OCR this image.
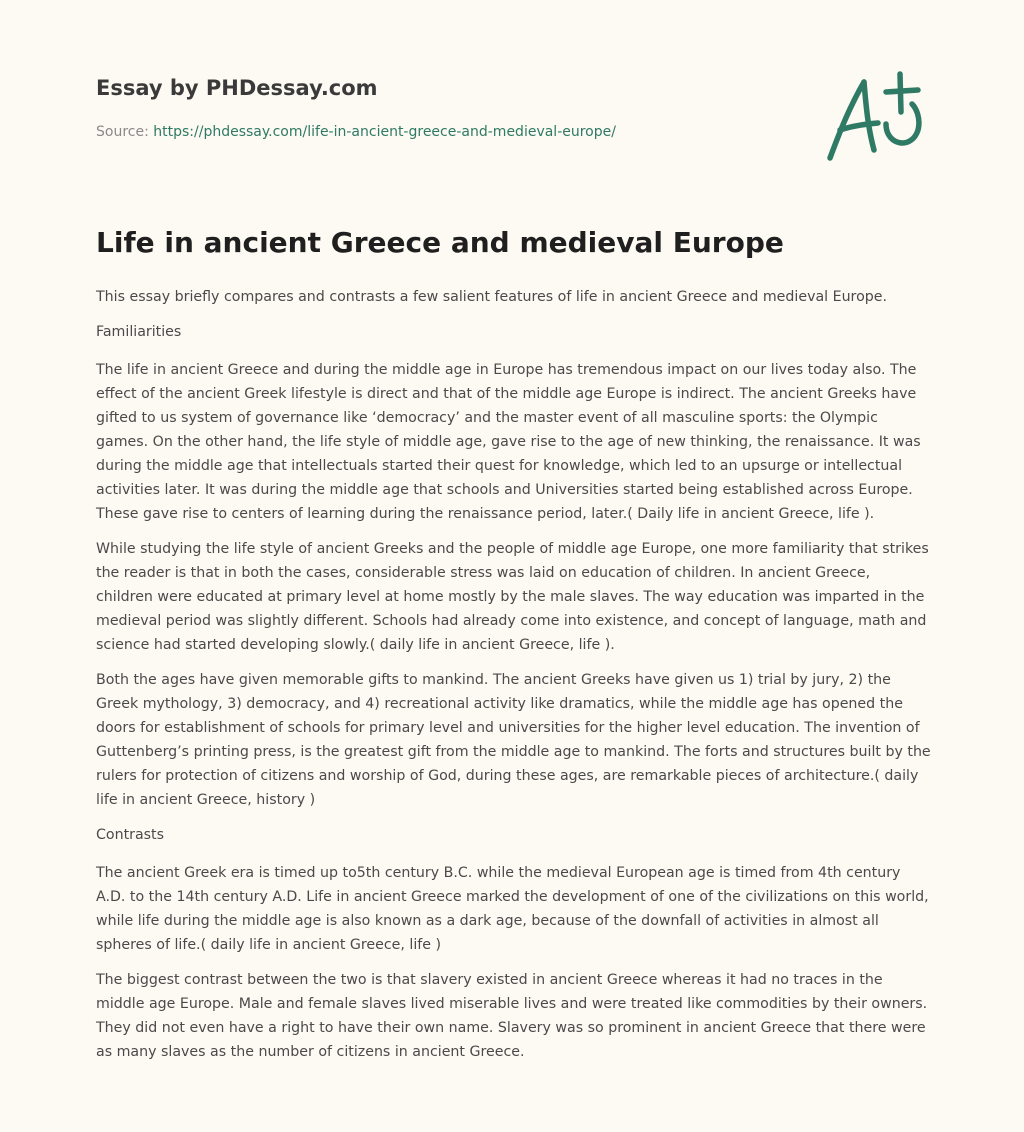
Essay by PHDessay.com
Source: https://phdessay.com/life-in-ancient-greece-and-medieval-europe/
Life in ancient Greece and medieval Europe

This essay briefly compares and contrasts a few salient features of life in ancient Greece and medieval Europe.

Familiarities

The life in ancient Greece and during the middle age in Europe has tremendous impact on our lives today also. The effect of the ancient Greek lifestyle is direct and that of the middle age Europe is indirect. The ancient Greeks have gifted to us system of governance like ‘democracy’ and the master event of all masculine sports: the Olympic games. On the other hand, the life style of middle age, gave rise to the age of new thinking, the renaissance. It was during the middle age that intellectuals started their quest for knowledge, which led to an upsurge or intellectual activities later. It was during the middle age that schools and Universities started being established across Europe. These gave rise to centers of learning during the renaissance period, later.( Daily life in ancient Greece, life ).

While studying the life style of ancient Greeks and the people of middle age Europe, one more familiarity that strikes the reader is that in both the cases, considerable stress was laid on education of children. In ancient Greece, children were educated at primary level at home mostly by the male slaves. The way education was imparted in the medieval period was slightly different. Schools had already come into existence, and concept of language, math and science had started developing slowly.( daily life in ancient Greece, life ).

Both the ages have given memorable gifts to mankind. The ancient Greeks have given us 1) trial by jury, 2) the Greek mythology, 3) democracy, and 4) recreational activity like dramatics, while the middle age has opened the doors for establishment of schools for primary level and universities for the higher level education. The invention of Guttenberg’s printing press, is the greatest gift from the middle age to mankind. The forts and structures built by the rulers for protection of citizens and worship of God, during these ages, are remarkable pieces of architecture.( daily life in ancient Greece, history )

Contrasts

The ancient Greek era is timed up to5th century B.C. while the medieval European age is timed from 4th century A.D. to the 14th century A.D. Life in ancient Greece marked the development of one of the civilizations on this world, while life during the middle age is also known as a dark age, because of the downfall of activities in almost all spheres of life.( daily life in ancient Greece, life )

The biggest contrast between the two is that slavery existed in ancient Greece whereas it had no traces in the middle age Europe. Male and female slaves lived miserable lives and were treated like commodities by their owners. They did not even have a right to have their own name. Slavery was so prominent in ancient Greece that there were as many slaves as the number of citizens in ancient Greece.
